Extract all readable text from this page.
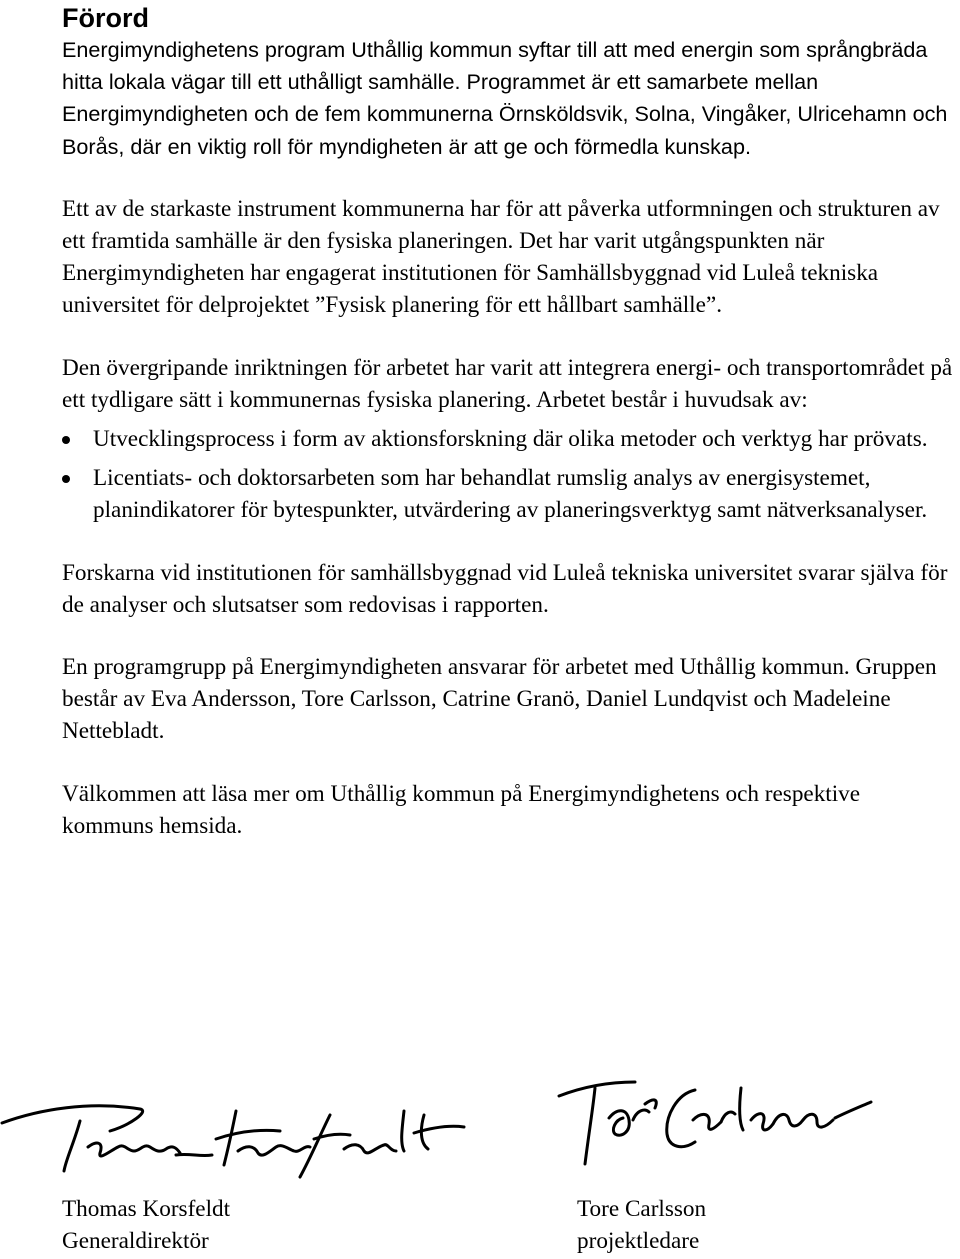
Förord

Energimyndighetens program Uthållig kommun syftar till att med energin som språngbräda hitta lokala vägar till ett uthålligt samhälle. Programmet är ett samarbete mellan Energimyndigheten och de fem kommunerna Örnsköldsvik, Solna, Vingåker, Ulricehamn och Borås, där en viktig roll för myndigheten är att ge och förmedla kunskap.

Ett av de starkaste instrument kommunerna har för att påverka utformningen och strukturen av ett framtida samhälle är den fysiska planeringen. Det har varit utgångspunkten när Energimyndigheten har engagerat institutionen för Samhällsbyggnad vid Luleå tekniska universitet för delprojektet ”Fysisk planering för ett hållbart samhälle”.

Den övergripande inriktningen för arbetet har varit att integrera energi- och transportområdet på ett tydligare sätt i kommunernas fysiska planering. Arbetet består i huvudsak av:

Utvecklingsprocess i form av aktionsforskning där olika metoder och verktyg har prövats.
Licentiats- och doktorsarbeten som har behandlat rumslig analys av energisystemet, planindikatorer för bytespunkter, utvärdering av planeringsverktyg samt nätverksanalyser.

Forskarna vid institutionen för samhällsbyggnad vid Luleå tekniska universitet svarar själva för de analyser och slutsatser som redovisas i rapporten.

En programgrupp på Energimyndigheten ansvarar för arbetet med Uthållig kommun. Gruppen består av Eva Andersson, Tore Carlsson, Catrine Granö, Daniel Lundqvist och Madeleine Nettebladt.

Välkommen att läsa mer om Uthållig kommun på Energimyndighetens och respektive kommuns hemsida.

Thomas Korsfeldt
Generaldirektör
Tore Carlsson
projektledare
